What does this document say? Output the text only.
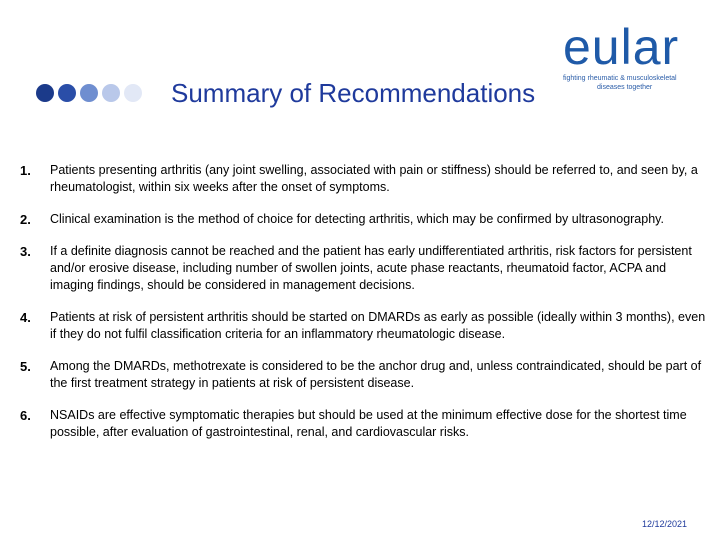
Summary of Recommendations
eular
fighting rheumatic & musculoskeletal
diseases together
1.	Patients presenting arthritis (any joint swelling, associated with pain or stiffness) should be referred to, and seen by, a rheumatologist, within six weeks after the onset of symptoms.
2.	Clinical examination is the method of choice for detecting arthritis, which may be confirmed by ultrasonography.
3.	If a definite diagnosis cannot be reached and the patient has early undifferentiated arthritis, risk factors for persistent and/or erosive disease, including number of swollen joints, acute phase reactants, rheumatoid factor, ACPA and imaging findings, should be considered in management decisions.
4.	Patients at risk of persistent arthritis should be started on DMARDs as early as possible (ideally within 3 months), even if they do not fulfil classification criteria for an inflammatory rheumatologic disease.
5.	Among the DMARDs, methotrexate is considered to be the anchor drug and, unless contraindicated, should be part of the first treatment strategy in patients at risk of persistent disease.
6.	NSAIDs are effective symptomatic therapies but should be used at the minimum effective dose for the shortest time possible, after evaluation of gastrointestinal, renal, and cardiovascular risks.
12/12/2021
